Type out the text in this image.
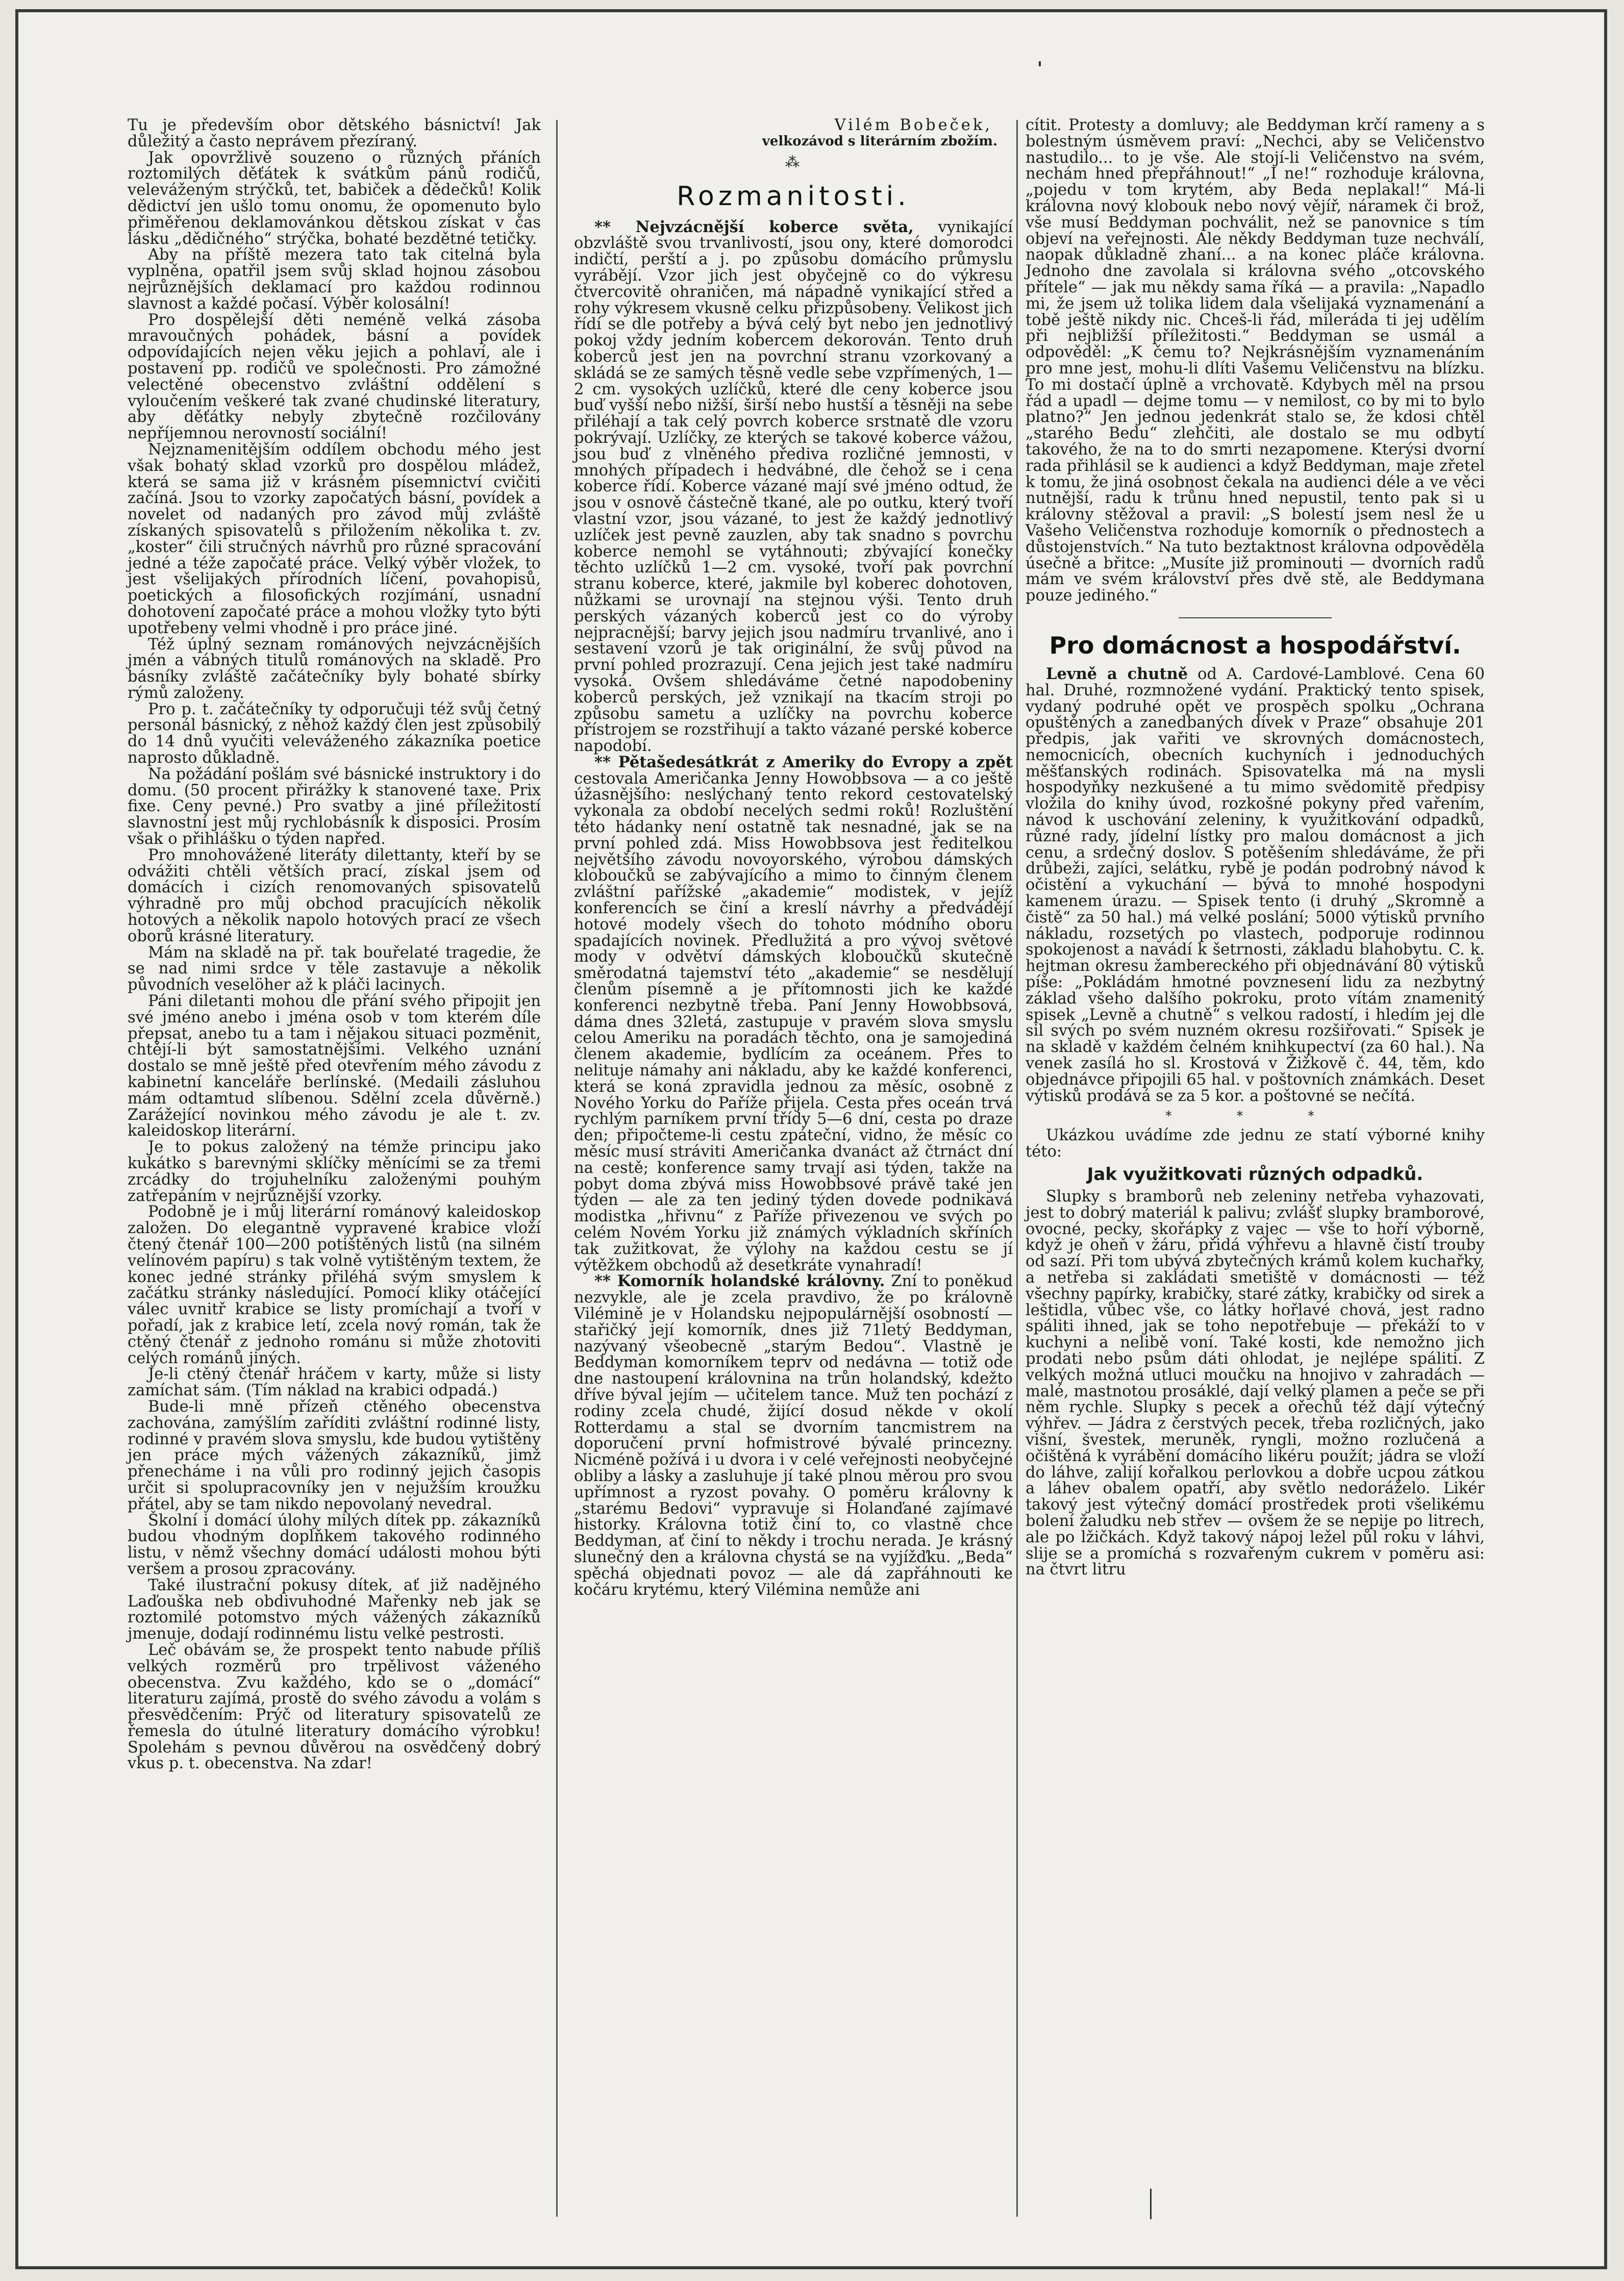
Tu je především obor dětského básnictví! Jak důležitý a často neprávem přezíraný.

Jak opovržlivě souzeno o různých přáních roztomilých děťátek k svátkům pánů rodičů, veleváženým strýčků, tet, babiček a dědečků! Kolik dědictví jen ušlo tomu onomu, že opomenuto bylo přiměřenou deklamovánkou dětskou získat v čas lásku „dědičného“ strýčka, bohaté bezdětné tetičky.

Aby na příště mezera tato tak citelná byla vyplněna, opatřil jsem svůj sklad hojnou zásobou nejrůznějších deklamací pro každou rodinnou slavnost a každé počasí. Výběr kolosální!

Pro dospělejší děti neméně velká zásoba mravoučných pohádek, básní a povídek odpovídajících nejen věku jejich a pohlaví, ale i postavení pp. rodičů ve společnosti. Pro zámožné velectěné obecenstvo zvláštní oddělení s vyloučením veškeré tak zvané chudinské literatury, aby děťátky nebyly zbytečně rozčilovány nepříjemnou nerovností sociální!

Nejznamenitějším oddílem obchodu mého jest však bohatý sklad vzorků pro dospělou mládež, která se sama již v krásném písemnictví cvičiti začíná. Jsou to vzorky započatých básní, povídek a novelet od nadaných pro závod můj zvláště získaných spisovatelů s přiložením několika t. zv. „koster“ čili stručných návrhů pro různé spracování jedné a téže započaté práce. Velký výběr vložek, to jest všelijakých přírodních líčení, povahopisů, poetických a filosofických rozjímání, usnadní dohotovení započaté práce a mohou vložky tyto býti upotřebeny velmi vhodně i pro práce jiné.

Též úplný seznam románových nejvzácnějších jmén a vábných titulů románových na skladě. Pro básníky zvláště začátečníky byly bohaté sbírky rýmů založeny.

Pro p. t. začátečníky ty odporučuji též svůj četný personál básnický, z něhož každý člen jest způsobilý do 14 dnů vyučiti veleváženého zákazníka poetice naprosto důkladně.

Na požádání pošlám své básnické instruktory i do domu. (50 procent přirážky k stanovené taxe. Prix fixe. Ceny pevné.) Pro svatby a jiné příležitostí slavnostní jest můj rychlobásník k disposici. Prosím však o přihlášku o týden napřed.

Pro mnohovážené literáty dilettanty, kteří by se odvážiti chtěli větších prací, získal jsem od domácích i cizích renomovaných spisovatelů výhradně pro můj obchod pracujících několik hotových a několik napolo hotových prací ze všech oborů krásné literatury.

Mám na skladě na př. tak bouřelaté tragedie, že se nad nimi srdce v těle zastavuje a několik původních veselöher až k pláči lacinych.

Páni diletanti mohou dle přání svého připojit jen své jméno anebo i jména osob v tom kterém díle přepsat, anebo tu a tam i nějakou situaci pozměnit, chtějí-li být samostatnějšími. Velkého uznání dostalo se mně ještě před otevřením mého závodu z kabinetní kanceláře berlínské. (Medaili zásluhou mám odtamtud slíbenou. Sdělní zcela důvěrně.) Zarážející novinkou mého závodu je ale t. zv. kaleidoskop literární.

Je to pokus založený na témže principu jako kukátko s barevnými sklíčky měnícími se za třemi zrcádky do trojuhelníku založenými pouhým zatřepáním v nejrůznější vzorky.

Podobně je i můj literární románový kaleidoskop založen. Do elegantně vypravené krabice vloží čtený čtenář 100—200 potištěných listů (na silném velínovém papíru) s tak volně vytištěným textem, že konec jedné stránky přiléhá svým smyslem k začátku stránky následující. Pomocí kliky otáčející válec uvnitř krabice se listy promíchají a tvoří v pořadí, jak z krabice letí, zcela nový román, tak že ctěný čtenář z jednoho románu si může zhotoviti celých románů jiných.

Je-li ctěný čtenář hráčem v karty, může si listy zamíchat sám. (Tím náklad na krabici odpadá.)

Bude-li mně přízeň ctěného obecenstva zachována, zamýšlím zaříditi zvláštní rodinné listy, rodinné v pravém slova smyslu, kde budou vytištěny jen práce mých vážených zákazníků, jimž přenecháme i na vůli pro rodinný jejich časopis určit si spolupracovníky jen v nejužším kroužku přátel, aby se tam nikdo nepovolaný nevedral.

Školní i domácí úlohy milých dítek pp. zákazníků budou vhodným doplňkem takového rodinného listu, v němž všechny domácí události mohou býti veršem a prosou zpracovány.

Také ilustrační pokusy dítek, ať již nadějného Laďouška neb obdivuhodné Mařenky neb jak se roztomilé potomstvo mých vážených zákazníků jmenuje, dodají rodinnému listu velké pestrosti.

Leč obávám se, že prospekt tento nabude příliš velkých rozměrů pro trpělivost váženého obecenstva. Zvu každého, kdo se o „domácí“ literaturu zajímá, prostě do svého závodu a volám s přesvědčením: Prýč od literatury spisovatelů ze řemesla do útulné literatury domácího výrobku! Spolehám s pevnou důvěrou na osvědčený dobrý vkus p. t. obecenstva. Na zdar!

Vilém Bobeček,
velkozávod s literárním zbožím.
⁂
Rozmanitosti.

** Nejvzácnější koberce světa, vynikající obzvláště svou trvanlivostí, jsou ony, které domorodci indičtí, perští a j. po způsobu domácího průmyslu vyrábějí. Vzor jich jest obyčejně co do výkresu čtvercovitě ohraničen, má nápadně vynikající střed a rohy výkresem vkusně celku přizpůsobeny. Velikost jich řídí se dle potřeby a bývá celý byt nebo jen jednotlivý pokoj vždy jedním kobercem dekorován. Tento druh koberců jest jen na povrchní stranu vzorkovaný a skládá se ze samých těsně vedle sebe vzpřímených, 1—2 cm. vysokých uzlíčků, které dle ceny koberce jsou buď vyšší nebo nižší, širší nebo hustší a těsněji na sebe přiléhají a tak celý povrch koberce srstnatě dle vzoru pokrývají. Uzlíčky, ze kterých se takové koberce vážou, jsou buď z vlněného přediva rozličné jemnosti, v mnohých případech i hedvábné, dle čehož se i cena koberce řídí. Koberce vázané mají své jméno odtud, že jsou v osnově částečně tkané, ale po outku, který tvoří vlastní vzor, jsou vázané, to jest že každý jednotlivý uzlíček jest pevně zauzlen, aby tak snadno s povrchu koberce nemohl se vytáhnouti; zbývající konečky těchto uzlíčků 1—2 cm. vysoké, tvoří pak povrchní stranu koberce, které, jakmile byl koberec dohotoven, nůžkami se urovnají na stejnou výši. Tento druh perských vázaných koberců jest co do výroby nejpracnější; barvy jejich jsou nadmíru trvanlivé, ano i sestavení vzorů je tak originální, že svůj původ na první pohled prozrazují. Cena jejich jest také nadmíru vysoká. Ovšem shledáváme četné napodobeniny koberců perských, jež vznikají na tkacím stroji po způsobu sametu a uzlíčky na povrchu koberce přístrojem se rozstřihují a takto vázané perské koberce napodobí.

** Pětašedesátkrát z Ameriky do Evropy a zpět cestovala Američanka Jenny Howobbsova — a co ještě úžasnějšího: neslýchaný tento rekord cestovatelský vykonala za období necelých sedmi roků! Rozluštění této hádanky není ostatně tak nesnadné, jak se na první pohled zdá. Miss Howobbsova jest ředitelkou největšího závodu novoyorského, výrobou dámských kloboučků se zabývajícího a mimo to činným členem zvláštní pařížské „akademie“ modistek, v jejíž konferencích se činí a kreslí návrhy a předvádějí hotové modely všech do tohoto módního oboru spadajících novinek. Předlužitá a pro vývoj světové mody v odvětví dámských kloboučků skutečně směrodatná tajemství této „akademie“ se nesdělují členům písemně a je přítomnosti jich ke každé konferenci nezbytně třeba. Paní Jenny Howobbsová, dáma dnes 32letá, zastupuje v pravém slova smyslu celou Ameriku na poradách těchto, ona je samojediná členem akademie, bydlícím za oceánem. Přes to nelituje námahy ani nákladu, aby ke každé konferenci, která se koná zpravidla jednou za měsíc, osobně z Nového Yorku do Paříže přijela. Cesta přes oceán trvá rychlým parníkem první třídy 5—6 dní, cesta po draze den; připočteme-li cestu zpáteční, vidno, že měsíc co měsíc musí stráviti Američanka dvanáct až čtrnáct dní na cestě; konference samy trvají asi týden, takže na pobyt doma zbývá miss Howobbsové právě také jen týden — ale za ten jediný týden dovede podnikavá modistka „hřivnu“ z Paříže přivezenou ve svých po celém Novém Yorku již známých výkladních skříních tak zužitkovat, že výlohy na každou cestu se jí výtěžkem obchodů až desetkráte vynahradí!

** Komorník holandské královny. Zní to poněkud nezvykle, ale je zcela pravdivo, že po královně Vilémině je v Holandsku nejpopulárnější osobností — stařičký její komorník, dnes již 71letý Beddyman, nazývaný všeobecně „starým Bedou“. Vlastně je Beddyman komorníkem teprv od nedávna — totiž ode dne nastoupení královnina na trůn holandský, kdežto dříve býval jejím — učitelem tance. Muž ten pochází z rodiny zcela chudé, žijící dosud někde v okolí Rotterdamu a stal se dvorním tancmistrem na doporučení první hofmistrové bývalé princezny. Nicméně požívá i u dvora i v celé veřejnosti neobyčejné obliby a lásky a zasluhuje jí také plnou měrou pro svou upřímnost a ryzost povahy. O poměru královny k „starému Bedovi“ vypravuje si Holanďané zajímavé historky. Královna totiž činí to, co vlastně chce Beddyman, ať činí to někdy i trochu nerada. Je krásný slunečný den a královna chystá se na vyjížďku. „Beda“ spěchá objednati povoz — ale dá zapřáhnouti ke kočáru krytému, který Vilémina nemůže ani

cítit. Protesty a domluvy; ale Beddyman krčí rameny a s bolestným úsměvem praví: „Nechci, aby se Veličenstvo nastudilo... to je vše. Ale stojí-li Veličenstvo na svém, nechám hned přepřáhnout!“ „I ne!“ rozhoduje královna, „pojedu v tom krytém, aby Beda neplakal!“ Má-li královna nový klobouk nebo nový vějíř, náramek či brož, vše musí Beddyman pochválit, než se panovnice s tím objeví na veřejnosti. Ale někdy Beddyman tuze nechválí, naopak důkladně zhaní... a na konec pláče královna. Jednoho dne zavolala si královna svého „otcovského přítele“ — jak mu někdy sama říká — a pravila: „Napadlo mi, že jsem už tolika lidem dala všelijaká vyznamenání a tobě ještě nikdy nic. Chceš-li řád, mileráda ti jej udělím při nejbližší příležitosti.“ Beddyman se usmál a odpověděl: „K čemu to? Nejkrásnějším vyznamenáním pro mne jest, mohu-li dlíti Vašemu Veličenstvu na blízku. To mi dostačí úplně a vrchovatě. Kdybych měl na prsou řád a upadl — dejme tomu — v nemilost, co by mi to bylo platno?“ Jen jednou jedenkrát stalo se, že kdosi chtěl „starého Bedu“ zlehčiti, ale dostalo se mu odbytí takového, že na to do smrti nezapomene. Kterýsi dvorní rada přihlásil se k audienci a když Beddyman, maje zřetel k tomu, že jiná osobnost čekala na audienci déle a ve věci nutnější, radu k trůnu hned nepustil, tento pak si u královny stěžoval a pravil: „S bolestí jsem nesl že u Vašeho Veličenstva rozhoduje komorník o přednostech a důstojenstvích.“ Na tuto beztaktnost královna odpověděla úsečně a břitce: „Musíte již prominouti — dvorních radů mám ve svém království přes dvě stě, ale Beddymana pouze jediného.“

Pro domácnost a hospodářství.

Levně a chutně od A. Cardové-Lamblové. Cena 60 hal. Druhé, rozmnožené vydání. Praktický tento spisek, vydaný podruhé opět ve prospěch spolku „Ochrana opuštěných a zanedbaných dívek v Praze“ obsahuje 201 předpis, jak vařiti ve skrovných domácnostech, nemocnicích, obecních kuchyních i jednoduchých měšťanských rodinách. Spisovatelka má na mysli hospodyňky nezkušené a tu mimo svědomitě předpisy vložila do knihy úvod, rozkošné pokyny před vařením, návod k uschování zeleniny, k využitkování odpadků, různé rady, jídelní lístky pro malou domácnost a jich cenu, a srdečný doslov. S potěšením shledáváme, že při drůbeži, zajíci, selátku, rybě je podán podrobný návod k očistění a vykuchání — bývá to mnohé hospodyni kamenem úrazu. — Spisek tento (i druhý „Skromně a čistě“ za 50 hal.) má velké poslání; 5000 výtisků prvního nákladu, rozsetých po vlastech, podporuje rodinnou spokojenost a navádí k šetrnosti, základu blahobytu. C. k. hejtman okresu žambereckého při objednávání 80 výtisků píše: „Pokládám hmotné povznesení lidu za nezbytný základ všeho dalšího pokroku, proto vítám znamenitý spisek „Levně a chutně“ s velkou radostí, i hledím jej dle sil svých po svém nuzném okresu rozšiřovati.“ Spisek je na skladě v každém čelném knihkupectví (za 60 hal.). Na venek zasílá ho sl. Krostová v Žižkově č. 44, těm, kdo objednávce připojili 65 hal. v poštovních známkách. Deset výtisků prodává se za 5 kor. a poštovné se nečítá.

* * *

Ukázkou uvádíme zde jednu ze statí výborné knihy této:

Jak využitkovati různých odpadků.

Slupky s bramborů neb zeleniny netřeba vyhazovati, jest to dobrý materiál k palivu; zvlášť slupky bramborové, ovocné, pecky, skořápky z vajec — vše to hoří výborně, když je oheň v žáru, přidá výhřevu a hlavně čistí trouby od sazí. Při tom ubývá zbytečných krámů kolem kuchařky, a netřeba si zakládati smetiště v domácnosti — též všechny papírky, krabičky, staré zátky, krabičky od sirek a leštidla, vůbec vše, co látky hořlavé chová, jest radno spáliti ihned, jak se toho nepotřebuje — překáží to v kuchyni a nelibě voní. Také kosti, kde nemožno jich prodati nebo psům dáti ohlodat, je nejlépe spáliti. Z velkých možná utluci moučku na hnojivo v zahradách — malé, mastnotou prosáklé, dají velký plamen a peče se při něm rychle. Slupky s pecek a ořechů též dají výtečný výhřev. — Jádra z čerstvých pecek, třeba rozličných, jako višní, švestek, meruněk, ryngli, možno rozlučená a očištěná k vyrábění domácího likéru použít; jádra se vloží do láhve, zalijí kořalkou perlovkou a dobře ucpou zátkou a láhev obalem opatří, aby světlo nedoráželo. Likér takový jest výtečný domácí prostředek proti všelikému bolení žaludku neb střev — ovšem že se nepije po litrech, ale po lžičkách. Když takový nápoj ležel půl roku v láhvi, slije se a promíchá s rozvařeným cukrem v poměru asi: na čtvrt litru
